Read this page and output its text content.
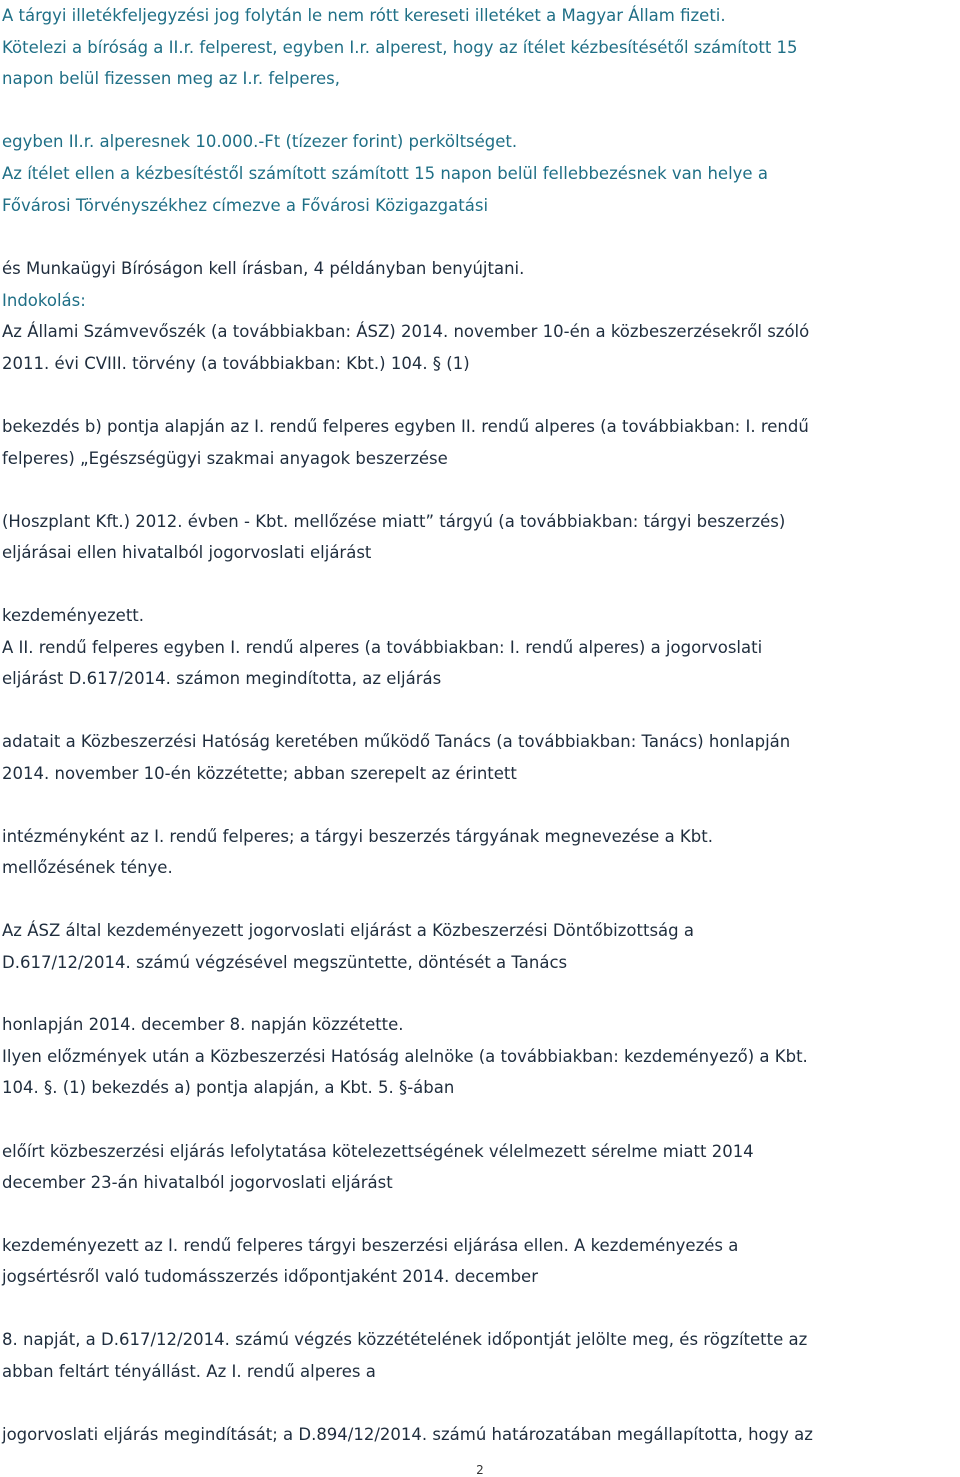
A tárgyi illetékfeljegyzési jog folytán le nem rótt kereseti illetéket a Magyar Állam fizeti.
Kötelezi a bíróság a II.r. felperest, egyben I.r. alperest, hogy az ítélet kézbesítésétől számított 15
napon belül fizessen meg az I.r. felperes,
egyben II.r. alperesnek 10.000.-Ft (tízezer forint) perköltséget.
Az ítélet ellen a kézbesítéstől számított számított 15 napon belül fellebbezésnek van helye a
Fővárosi Törvényszékhez címezve a Fővárosi Közigazgatási
és Munkaügyi Bíróságon kell írásban, 4 példányban benyújtani.
Indokolás:
Az Állami Számvevőszék (a továbbiakban: ÁSZ) 2014. november 10-én a közbeszerzésekről szóló
2011. évi CVIII. törvény (a továbbiakban: Kbt.) 104. § (1)
bekezdés b) pontja alapján az I. rendű felperes egyben II. rendű alperes (a továbbiakban: I. rendű
felperes) „Egészségügyi szakmai anyagok beszerzése
(Hoszplant Kft.) 2012. évben - Kbt. mellőzése miatt” tárgyú (a továbbiakban: tárgyi beszerzés)
eljárásai ellen hivatalból jogorvoslati eljárást
kezdeményezett.
A II. rendű felperes egyben I. rendű alperes (a továbbiakban: I. rendű alperes) a jogorvoslati
eljárást D.617/2014. számon megindította, az eljárás
adatait a Közbeszerzési Hatóság keretében működő Tanács (a továbbiakban: Tanács) honlapján
2014. november 10-én közzétette; abban szerepelt az érintett
intézményként az I. rendű felperes; a tárgyi beszerzés tárgyának megnevezése a Kbt.
mellőzésének ténye.
Az ÁSZ által kezdeményezett jogorvoslati eljárást a Közbeszerzési Döntőbizottság a
D.617/12/2014. számú végzésével megszüntette, döntését a Tanács
honlapján 2014. december 8. napján közzétette.
Ilyen előzmények után a Közbeszerzési Hatóság alelnöke (a továbbiakban: kezdeményező) a Kbt.
104. §. (1) bekezdés a) pontja alapján, a Kbt. 5. §-ában
előírt közbeszerzési eljárás lefolytatása kötelezettségének vélelmezett sérelme miatt 2014
december 23-án hivatalból jogorvoslati eljárást
kezdeményezett az I. rendű felperes tárgyi beszerzési eljárása ellen. A kezdeményezés a
jogsértésről való tudomásszerzés időpontjaként 2014. december
8. napját, a D.617/12/2014. számú végzés közzétételének időpontját jelölte meg, és rögzítette az
abban feltárt tényállást. Az I. rendű alperes a
jogorvoslati eljárás megindítását; a D.894/12/2014. számú határozatában megállapította, hogy az
2
